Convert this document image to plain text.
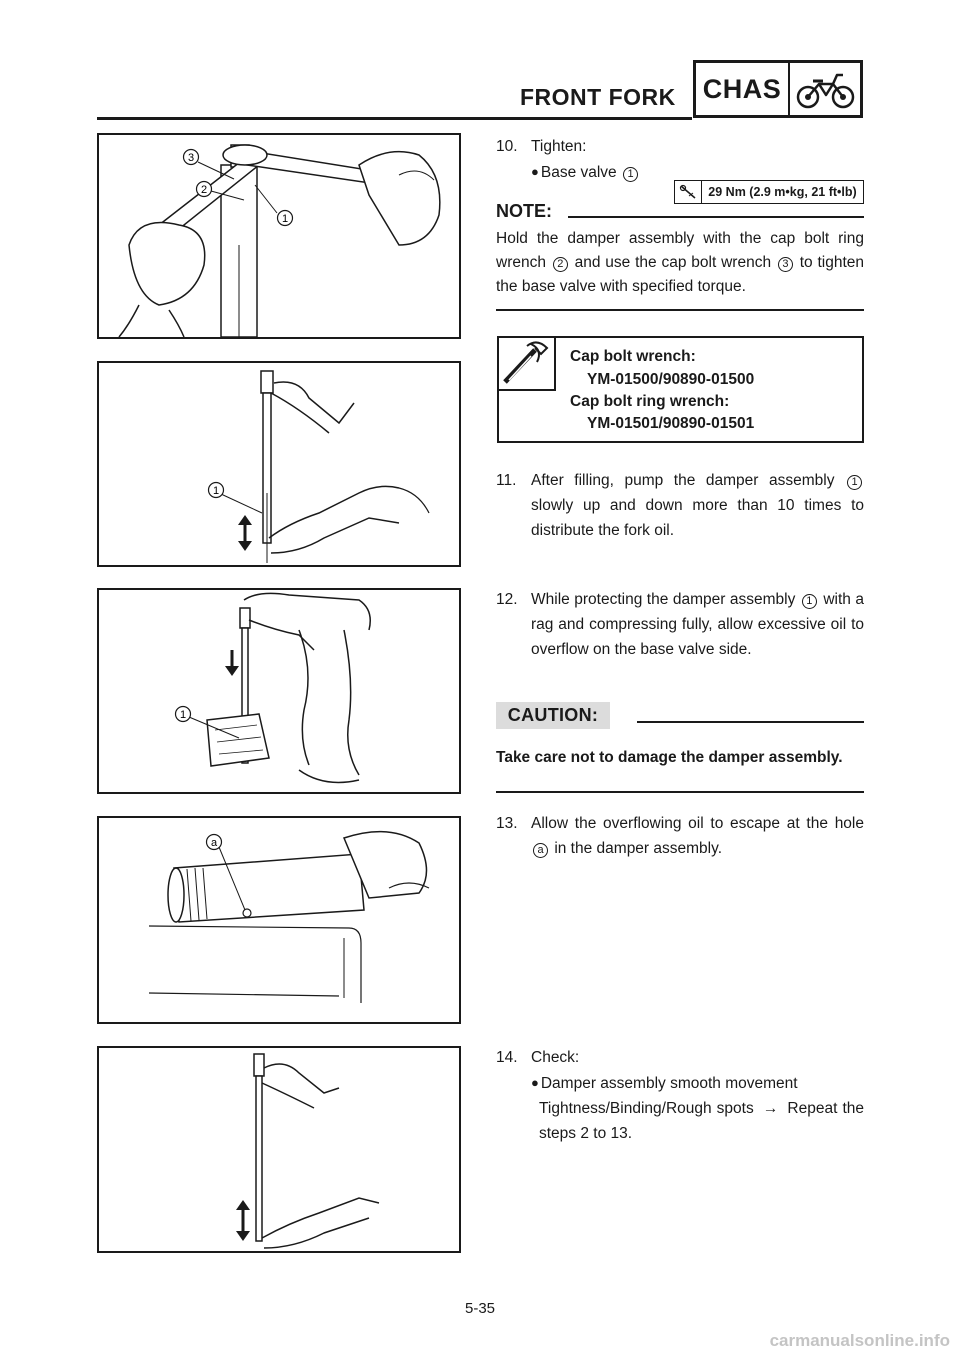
FRONT FORK CHAS
3
2
1
1
1
a
10. Tighten:
● Base valve 1
29 Nm (2.9 m•kg, 21 ft•lb)
NOTE:
Hold the damper assembly with the cap bolt ring wrench 2 and use the cap bolt wrench 3 to tighten the base valve with specified torque.
Cap bolt wrench:
YM-01500/90890-01500
Cap bolt ring wrench:
YM-01501/90890-01501
11. After filling, pump the damper assembly 1 slowly up and down more than 10 times to distribute the fork oil.
12. While protecting the damper assembly 1 with a rag and compressing fully, allow excessive oil to overflow on the base valve side.
CAUTION:
Take care not to damage the damper assembly.
13. Allow the overflowing oil to escape at the hole a in the damper assembly.
14. Check:
● Damper assembly smooth movement
Tightness/Binding/Rough spots → Repeat the steps 2 to 13.
5-35
carmanualsonline.info
